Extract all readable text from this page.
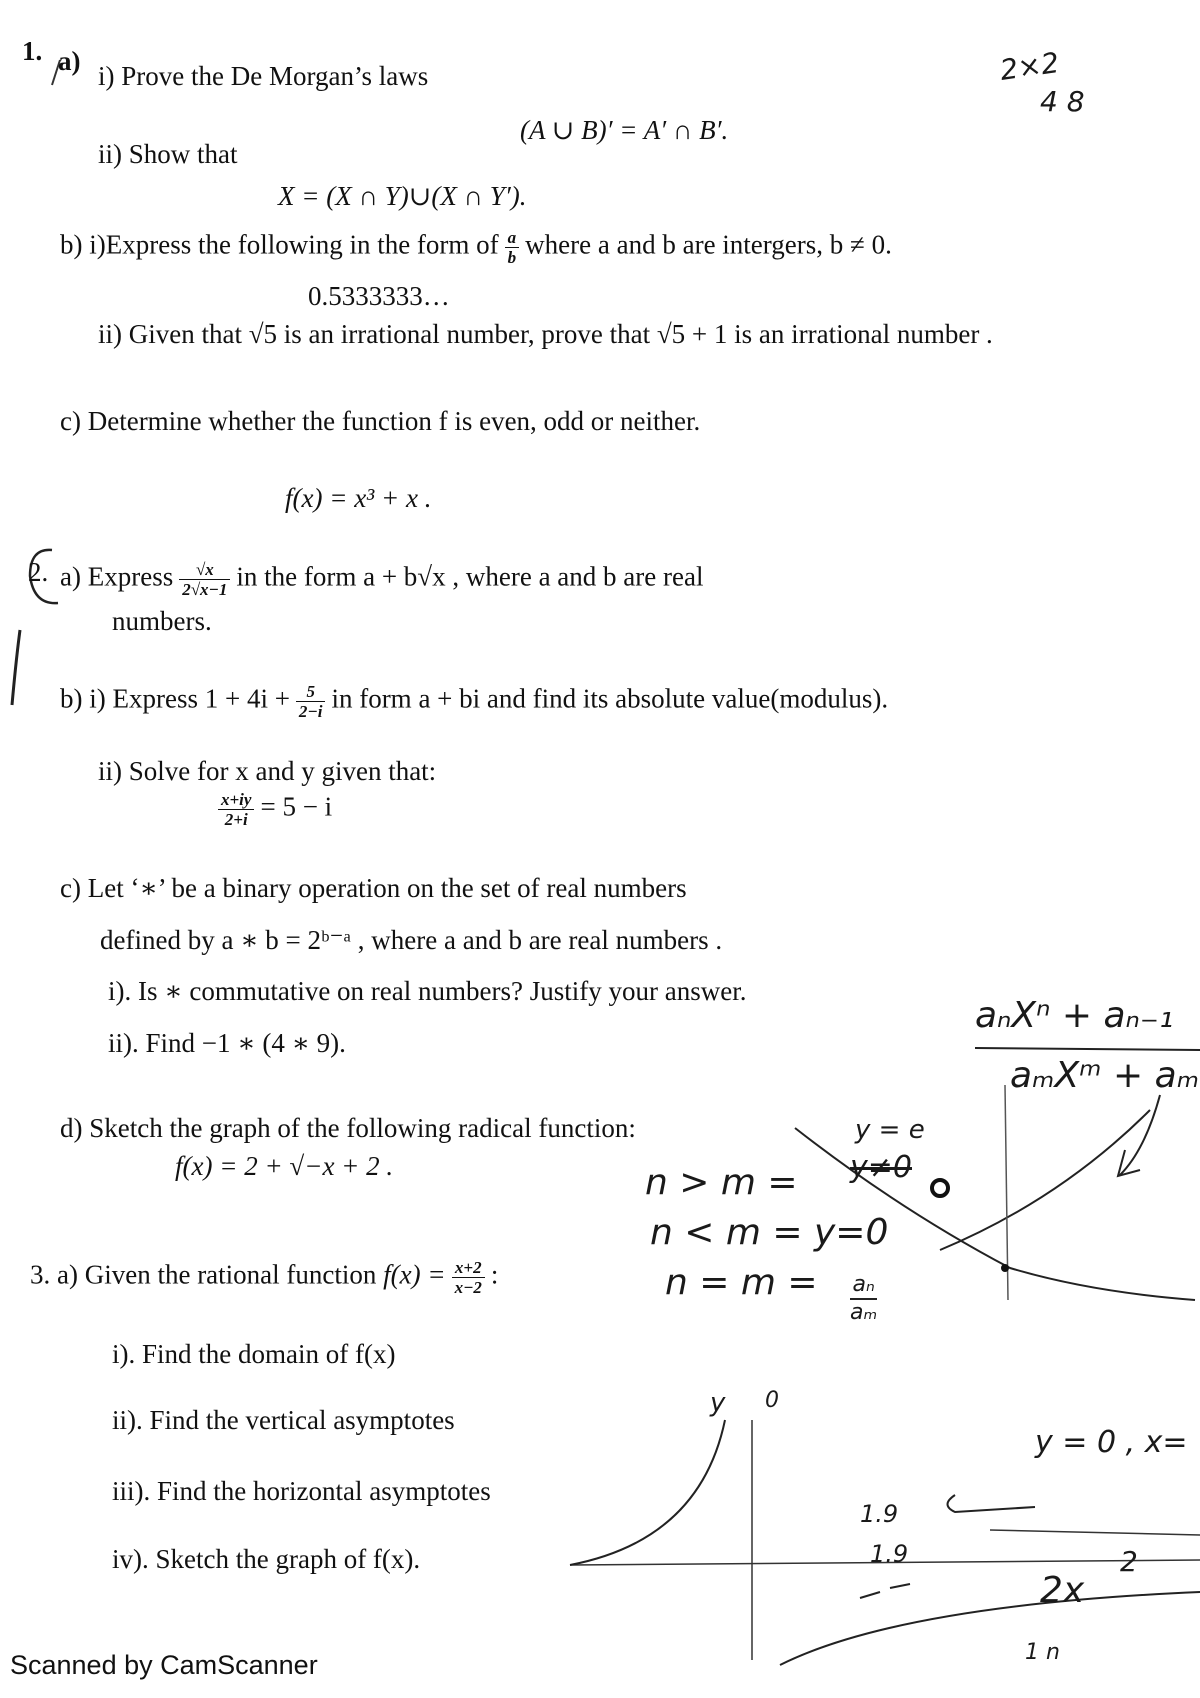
1. a) i) Prove the De Morgan’s laws
(A ∪ B)′ = A′ ∩ B′.
ii) Show that
X = (X ∩ Y)∪(X ∩ Y′).
b) i)Express the following in the form of $\frac{a}{b}$ where a and b are intergers, b ≠ 0.
0.5333333…
ii) Given that √5 is an irrational number, prove that √5 + 1 is an irrational number .
c) Determine whether the function f is even, odd or neither.
f(x) = x³ + x .
2. a) Express $\frac{√x}{2√x-1}$ in the form a + b√x , where a and b are real
numbers.
b) i) Express $1 + 4i + \frac{5}{2-i}$ in form a + bi and find its absolute value(modulus).
ii) Solve for x and y given that:
$\frac{x+iy}{2+i} = 5 - i$
c) Let ‘∗’ be a binary operation on the set of real numbers
defined by a ∗ b = 2ᵇ⁻ᵃ , where a and b are real numbers .
i). Is ∗ commutative on real numbers? Justify your answer.
ii). Find −1 ∗ (4 ∗ 9).
d) Sketch the graph of the following radical function:
f(x) = 2 + √−x + 2 .
3. a) Given the rational function $f(x) = \frac{x+2}{x-2}$ :
i). Find the domain of f(x)
ii). Find the vertical asymptotes
iii). Find the horizontal asymptotes
iv). Sketch the graph of f(x).
2×2
4 8
aₙXⁿ + aₙ₋₁
aₘXᵐ + aₘ
y = e
n > m = y≠0
n < m = y=0
$n = m = \frac{\text{aₙ}}{\text{aₘ}}$
y 0
y = 0 , x=
1.9
1.9
2x
2
1 n
Scanned by CamScanner
